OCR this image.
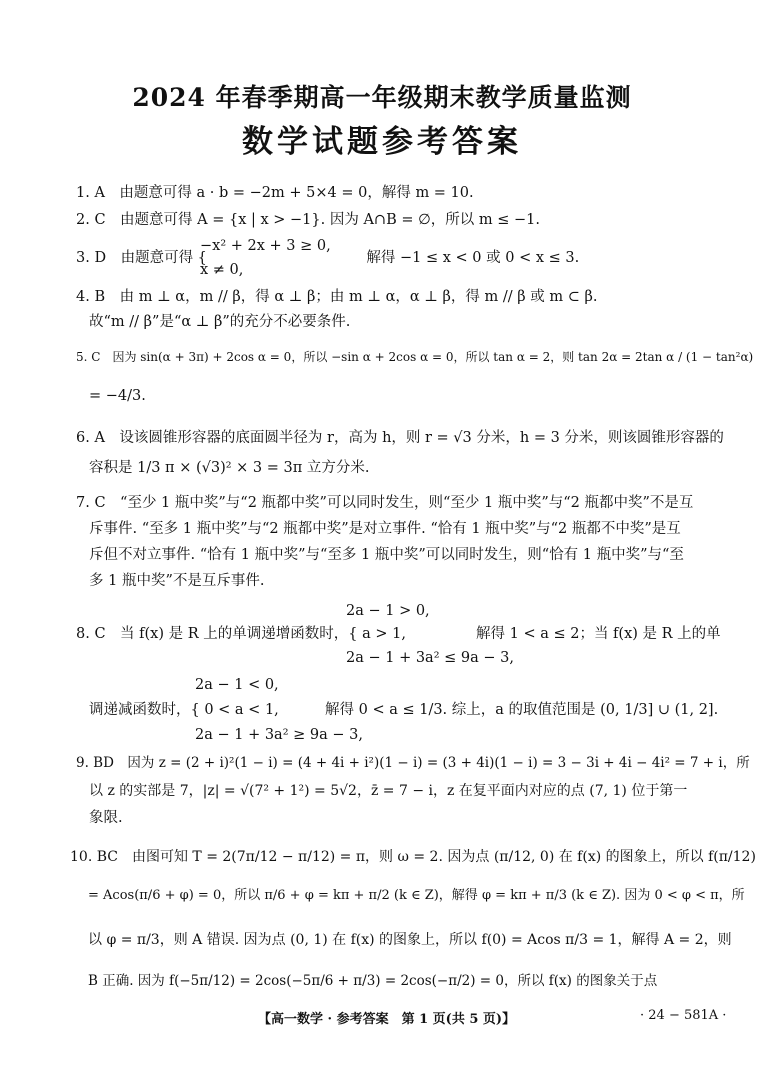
2024 年春季期高一年级期末教学质量监测
数学试题参考答案
1. A　由题意可得 a · b = −2m + 5×4 = 0，解得 m = 10.
2. C　由题意可得 A = {x | x > −1}. 因为 A∩B = ∅，所以 m ≤ −1.
−x² + 2x + 3 ≥ 0,
3. D　由题意可得 {　　　　　　　　　　　解得 −1 ≤ x < 0 或 0 < x ≤ 3.
x ≠ 0,
4. B　由 m ⊥ α，m // β，得 α ⊥ β；由 m ⊥ α，α ⊥ β，得 m // β 或 m ⊂ β.
故“m // β”是“α ⊥ β”的充分不必要条件.
5. C　因为 sin(α + 3π) + 2cos α = 0，所以 −sin α + 2cos α = 0，所以 tan α = 2，则 tan 2α = 2tan α / (1 − tan²α)
= −4/3.
6. A　设该圆锥形容器的底面圆半径为 r，高为 h，则 r = √3 分米，h = 3 分米，则该圆锥形容器的
容积是 1/3 π × (√3)² × 3 = 3π 立方分米.
7. C　“至少 1 瓶中奖”与“2 瓶都中奖”可以同时发生，则“至少 1 瓶中奖”与“2 瓶都中奖”不是互
斥事件. “至多 1 瓶中奖”与“2 瓶都中奖”是对立事件. “恰有 1 瓶中奖”与“2 瓶都不中奖”是互
斥但不对立事件. “恰有 1 瓶中奖”与“至多 1 瓶中奖”可以同时发生，则“恰有 1 瓶中奖”与“至
多 1 瓶中奖”不是互斥事件.
2a − 1 > 0,
8. C　当 f(x) 是 R 上的单调递增函数时，{ a > 1,	解得 1 < a ≤ 2；当 f(x) 是 R 上的单
2a − 1 + 3a² ≤ 9a − 3,
2a − 1 < 0,
调递减函数时，{ 0 < a < 1,	解得 0 < a ≤ 1/3. 综上，a 的取值范围是 (0, 1/3] ∪ (1, 2].
2a − 1 + 3a² ≥ 9a − 3,
9. BD　因为 z = (2 + i)²(1 − i) = (4 + 4i + i²)(1 − i) = (3 + 4i)(1 − i) = 3 − 3i + 4i − 4i² = 7 + i，所
以 z 的实部是 7，|z| = √(7² + 1²) = 5√2，z̄ = 7 − i，z 在复平面内对应的点 (7, 1) 位于第一
象限.
10. BC　由图可知 T = 2(7π/12 − π/12) = π，则 ω = 2. 因为点 (π/12, 0) 在 f(x) 的图象上，所以 f(π/12)
= Acos(π/6 + φ) = 0，所以 π/6 + φ = kπ + π/2 (k ∈ Z)，解得 φ = kπ + π/3 (k ∈ Z). 因为 0 < φ < π，所
以 φ = π/3，则 A 错误. 因为点 (0, 1) 在 f(x) 的图象上，所以 f(0) = Acos π/3 = 1，解得 A = 2，则
B 正确. 因为 f(−5π/12) = 2cos(−5π/6 + π/3) = 2cos(−π/2) = 0，所以 f(x) 的图象关于点
【高一数学 · 参考答案　第 1 页(共 5 页)】	· 24 − 581A ·
